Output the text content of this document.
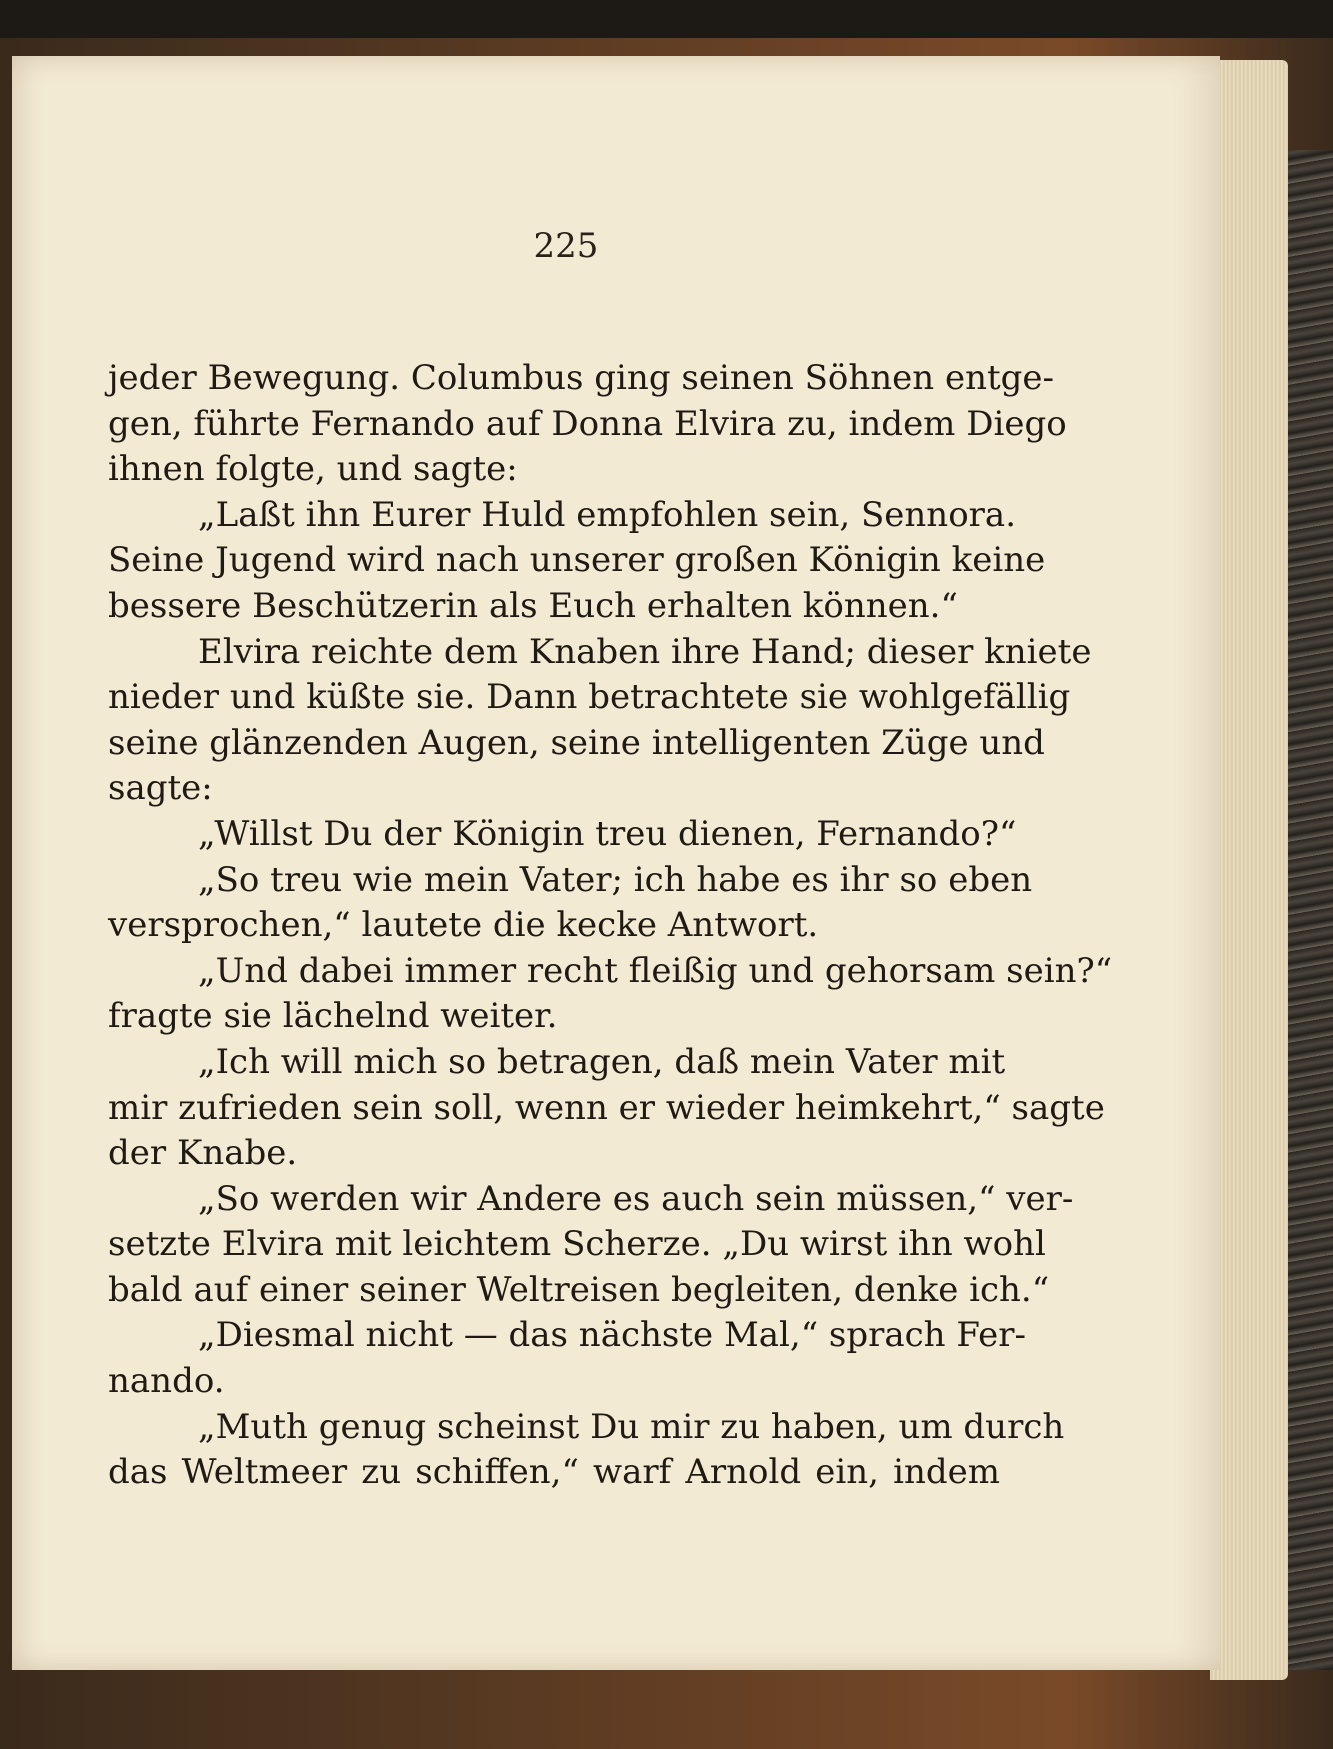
225
jeder Bewegung. Columbus ging seinen Söhnen entge-
gen, führte Fernando auf Donna Elvira zu, indem Diego
ihnen folgte, und sagte:
„Laßt ihn Eurer Huld empfohlen sein, Sennora.
Seine Jugend wird nach unserer großen Königin keine
bessere Beschützerin als Euch erhalten können.“
Elvira reichte dem Knaben ihre Hand; dieser kniete
nieder und küßte sie. Dann betrachtete sie wohlgefällig
seine glänzenden Augen, seine intelligenten Züge und
sagte:
„Willst Du der Königin treu dienen, Fernando?“
„So treu wie mein Vater; ich habe es ihr so eben
versprochen,“ lautete die kecke Antwort.
„Und dabei immer recht fleißig und gehorsam sein?“
fragte sie lächelnd weiter.
„Ich will mich so betragen, daß mein Vater mit
mir zufrieden sein soll, wenn er wieder heimkehrt,“ sagte
der Knabe.
„So werden wir Andere es auch sein müssen,“ ver-
setzte Elvira mit leichtem Scherze. „Du wirst ihn wohl
bald auf einer seiner Weltreisen begleiten, denke ich.“
„Diesmal nicht — das nächste Mal,“ sprach Fer-
nando.
„Muth genug scheinst Du mir zu haben, um durch
das Weltmeer zu schiffen,“ warf Arnold ein, indem
